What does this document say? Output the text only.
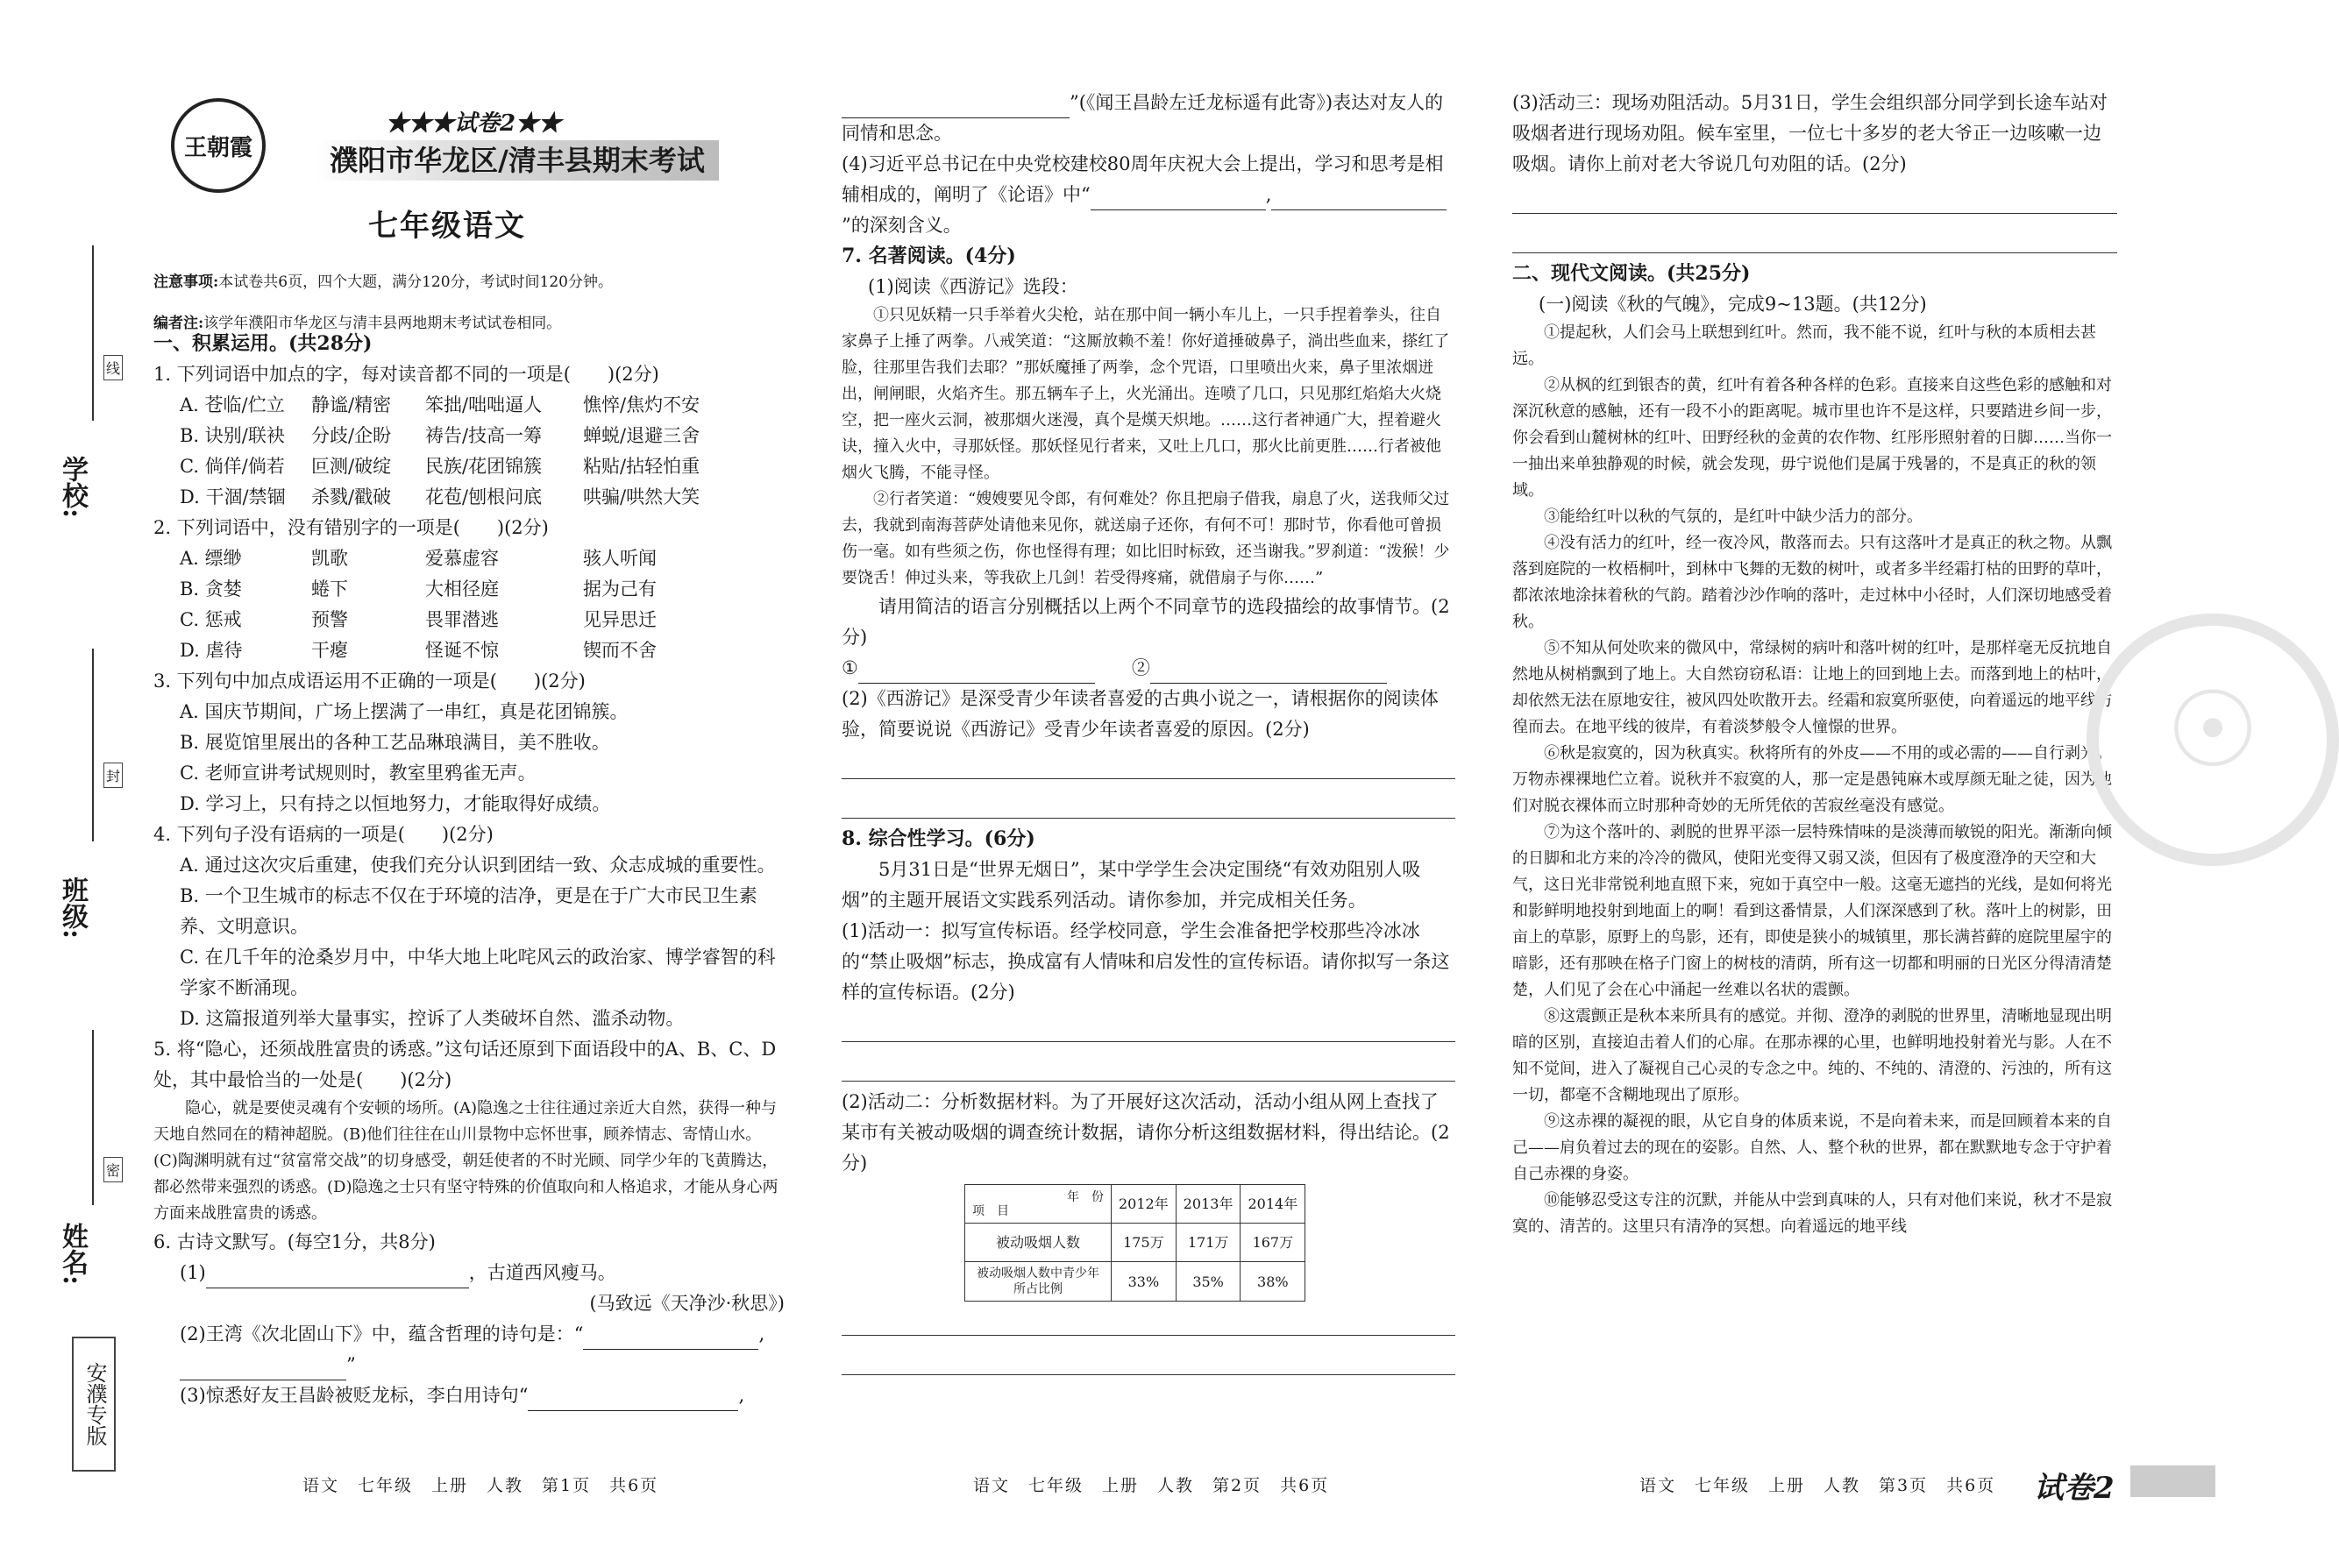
学校:
班级:
姓名:
线
封
密
安濮专版
王朝霞
★★★试卷2★★
濮阳市华龙区/清丰县期末考试
七年级语文

注意事项:本试卷共6页，四个大题，满分120分，考试时间120分钟。

编者注:该学年濮阳市华龙区与清丰县两地期末考试试卷相同。

一、积累运用。(共28分)

1. 下列词语中加点的字，每对读音都不同的一项是(　　)(2分)

A. 苍临/伫立	静谧/精密	笨拙/咄咄逼人	憔悴/焦灼不安
B. 诀别/联袂	分歧/企盼	祷告/技高一筹	蝉蜕/退避三舍
C. 倘佯/倘若	叵测/破绽	民族/花团锦簇	粘贴/拈轻怕重
D. 干涸/禁锢	杀戮/戳破	花苞/刨根问底	哄骗/哄然大笑

2. 下列词语中，没有错别字的一项是(　　)(2分)

A. 缥缈	凯歌	爱慕虚容	骇人听闻
B. 贪婪	蜷下	大相径庭	据为己有
C. 惩戒	预警	畏罪潜逃	见异思迁
D. 虐待	干瘪	怪诞不惊	锲而不舍

3. 下列句中加点成语运用不正确的一项是(　　)(2分)

A. 国庆节期间，广场上摆满了一串红，真是花团锦簇。

B. 展览馆里展出的各种工艺品琳琅满目，美不胜收。

C. 老师宣讲考试规则时，教室里鸦雀无声。

D. 学习上，只有持之以恒地努力，才能取得好成绩。

4. 下列句子没有语病的一项是(　　)(2分)

A. 通过这次灾后重建，使我们充分认识到团结一致、众志成城的重要性。

B. 一个卫生城市的标志不仅在于环境的洁净，更是在于广大市民卫生素养、文明意识。

C. 在几千年的沧桑岁月中，中华大地上叱咤风云的政治家、博学睿智的科学家不断涌现。

D. 这篇报道列举大量事实，控诉了人类破坏自然、滥杀动物。

5. 将“隐心，还须战胜富贵的诱惑。”这句话还原到下面语段中的A、B、C、D处，其中最恰当的一处是(　　)(2分)

隐心，就是要使灵魂有个安顿的场所。(A)隐逸之士往往通过亲近大自然，获得一种与天地自然同在的精神超脱。(B)他们往往在山川景物中忘怀世事，顾养情志、寄情山水。(C)陶渊明就有过“贫富常交战”的切身感受，朝廷使者的不时光顾、同学少年的飞黄腾达，都必然带来强烈的诱惑。(D)隐逸之士只有坚守特殊的价值取向和人格追求，才能从身心两方面来战胜富贵的诱惑。

6. 古诗文默写。(每空1分，共8分)

(1)	，古道西风瘦马。

(马致远《天净沙·秋思》)

(2)王湾《次北固山下》中，蕴含哲理的诗句是：“	,

”

(3)惊悉好友王昌龄被贬龙标，李白用诗句“	,

”(《闻王昌龄左迁龙标遥有此寄》)表达对友人的同情和思念。

(4)习近平总书记在中央党校建校80周年庆祝大会上提出，学习和思考是相辅相成的，阐明了《论语》中“	,”的深刻含义。

7. 名著阅读。(4分)

(1)阅读《西游记》选段：

①只见妖精一只手举着火尖枪，站在那中间一辆小车儿上，一只手捏着拳头，往自家鼻子上捶了两拳。八戒笑道：“这厮放赖不羞！你好道捶破鼻子，淌出些血来，搽红了脸，往那里告我们去耶？”那妖魔捶了两拳，念个咒语，口里喷出火来，鼻子里浓烟迸出，闸闸眼，火焰齐生。那五辆车子上，火光涌出。连喷了几口，只见那红焰焰大火烧空，把一座火云洞，被那烟火迷漫，真个是熯天炽地。……这行者神通广大，捏着避火诀，撞入火中，寻那妖怪。那妖怪见行者来，又吐上几口，那火比前更胜……行者被他烟火飞腾，不能寻怪。

②行者笑道：“嫂嫂要见令郎，有何难处？你且把扇子借我，扇息了火，送我师父过去，我就到南海菩萨处请他来见你，就送扇子还你，有何不可！那时节，你看他可曾损伤一毫。如有些须之伤，你也怪得有理；如比旧时标致，还当谢我。”罗刹道：“泼猴！少要饶舌！伸过头来，等我砍上几剑！若受得疼痛，就借扇子与你……”

请用简洁的语言分别概括以上两个不同章节的选段描绘的故事情节。(2分)

①　　	②

(2)《西游记》是深受青少年读者喜爱的古典小说之一，请根据你的阅读体验，简要说说《西游记》受青少年读者喜爱的原因。(2分)

8. 综合性学习。(6分)

5月31日是“世界无烟日”，某中学学生会决定围绕“有效劝阻别人吸烟”的主题开展语文实践系列活动。请你参加，并完成相关任务。

(1)活动一：拟写宣传标语。经学校同意，学生会准备把学校那些冷冰冰的“禁止吸烟”标志，换成富有人情味和启发性的宣传标语。请你拟写一条这样的宣传标语。(2分)

(2)活动二：分析数据材料。为了开展好这次活动，活动小组从网上查找了某市有关被动吸烟的调查统计数据，请你分析这组数据材料，得出结论。(2分)

年　份
项　目	2012年	2013年	2014年
被动吸烟人数	175万	171万	167万
被动吸烟人数中青少年所占比例	33%	35%	38%

(3)活动三：现场劝阻活动。5月31日，学生会组织部分同学到长途车站对吸烟者进行现场劝阻。候车室里，一位七十多岁的老大爷正一边咳嗽一边吸烟。请你上前对老大爷说几句劝阻的话。(2分)

二、现代文阅读。(共25分)

(一)阅读《秋的气魄》，完成9~13题。(共12分)

①提起秋，人们会马上联想到红叶。然而，我不能不说，红叶与秋的本质相去甚远。

②从枫的红到银杏的黄，红叶有着各种各样的色彩。直接来自这些色彩的感触和对深沉秋意的感触，还有一段不小的距离呢。城市里也许不是这样，只要踏进乡间一步，你会看到山麓树林的红叶、田野经秋的金黄的农作物、红彤彤照射着的日脚……当你一一抽出来单独静观的时候，就会发现，毋宁说他们是属于残暑的，不是真正的秋的领域。

③能给红叶以秋的气氛的，是红叶中缺少活力的部分。

④没有活力的红叶，经一夜冷风，散落而去。只有这落叶才是真正的秋之物。从飘落到庭院的一枚梧桐叶，到林中飞舞的无数的树叶，或者多半经霜打枯的田野的草叶，都浓浓地涂抹着秋的气韵。踏着沙沙作响的落叶，走过林中小径时，人们深切地感受着秋。

⑤不知从何处吹来的微风中，常绿树的病叶和落叶树的红叶，是那样毫无反抗地自然地从树梢飘到了地上。大自然窃窃私语：让地上的回到地上去。而落到地上的枯叶，却依然无法在原地安往，被风四处吹散开去。经霜和寂寞所驱使，向着遥远的地平线彷徨而去。在地平线的彼岸，有着淡梦般令人憧憬的世界。

⑥秋是寂寞的，因为秋真实。秋将所有的外皮——不用的或必需的——自行剥光。万物赤裸裸地伫立着。说秋并不寂寞的人，那一定是愚钝麻木或厚颜无耻之徒，因为他们对脱衣裸体而立时那种奇妙的无所凭依的苦寂丝毫没有感觉。

⑦为这个落叶的、剥脱的世界平添一层特殊情味的是淡薄而敏锐的阳光。渐渐向倾的日脚和北方来的冷冷的微风，使阳光变得又弱又淡，但因有了极度澄净的天空和大气，这日光非常锐利地直照下来，宛如于真空中一般。这毫无遮挡的光线，是如何将光和影鲜明地投射到地面上的啊！看到这番情景，人们深深感到了秋。落叶上的树影，田亩上的草影，原野上的鸟影，还有，即使是狭小的城镇里，那长满苔藓的庭院里屋宇的暗影，还有那映在格子门窗上的树枝的清荫，所有这一切都和明丽的日光区分得清清楚楚，人们见了会在心中涌起一丝难以名状的震颤。

⑧这震颤正是秋本来所具有的感觉。并彻、澄净的剥脱的世界里，清晰地显现出明暗的区别，直接迫击着人们的心扉。在那赤裸的心里，也鲜明地投射着光与影。人在不知不觉间，进入了凝视自己心灵的专念之中。纯的、不纯的、清澄的、污浊的，所有这一切，都毫不含糊地现出了原形。

⑨这赤裸的凝视的眼，从它自身的体质来说，不是向着未来，而是回顾着本来的自己——肩负着过去的现在的姿影。自然、人、整个秋的世界，都在默默地专念于守护着自己赤裸的身姿。

⑩能够忍受这专注的沉默，并能从中尝到真味的人，只有对他们来说，秋才不是寂寞的、清苦的。这里只有清净的冥想。向着遥远的地平线

☉
语文　七年级　上册　人教　第1页　共6页	语文　七年级　上册　人教　第2页　共6页	语文　七年级　上册　人教　第3页　共6页 试卷2
